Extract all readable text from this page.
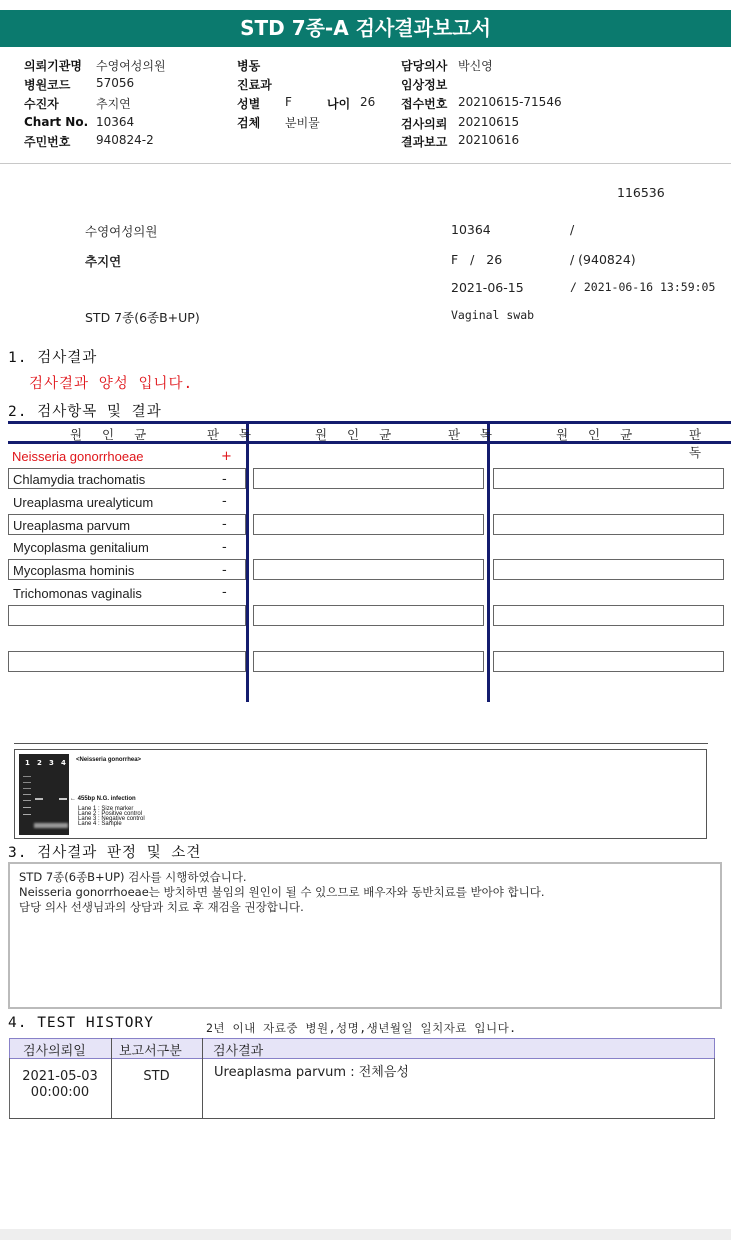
STD 7종-A 검사결과보고서
의뢰기관명 수영여성의원
병원코드 57056
수진자	추지연
Chart No. 10364
주민번호 940824-2
병동
진료과
성별 F	나이 26
검체 분비물
담당의사 박신영
임상정보
접수번호 20210615-71546
검사의뢰 20210615
결과보고 20210616
116536
수영여성의원	10364	/
추지연	F   /   26	/ (940824)
2021-06-15	/ 2021-06-16 13:59:05
STD 7종(6종B+UP)	Vaginal swab
1. 검사결과
검사결과 양성 입니다.
2. 검사항목 및 결과
원 인 균	판 독	원 인 균	판 독	원 인 균	판 독
Neisseria gonorrhoeae	+
Chlamydia trachomatis	-
Ureaplasma urealyticum	-
Ureaplasma parvum	-
Mycoplasma genitalium	-
Mycoplasma hominis	-
Trichomonas vaginalis	-
1 2 3 4 <Neisseria gonorrhea>
← 455bp N.G. infection
Lane 1 : Size marker
Lane 2 : Positive control
Lane 3 : Negative control
Lane 4 : Sample
3. 검사결과 판정 및 소견
STD 7종(6종B+UP) 검사를 시행하였습니다.
Neisseria gonorrhoeae는 방치하면 불임의 원인이 될 수 있으므로 배우자와 동반치료를 받아야 합니다.
담당 의사 선생님과의 상담과 치료 후 재검을 권장합니다.
4. TEST HISTORY	2년 이내 자료중 병원,성명,생년월일 일치자료 입니다.
검사의뢰일	보고서구분 검사결과
2021-05-03
00:00:00
STD	Ureaplasma parvum : 전체음성
